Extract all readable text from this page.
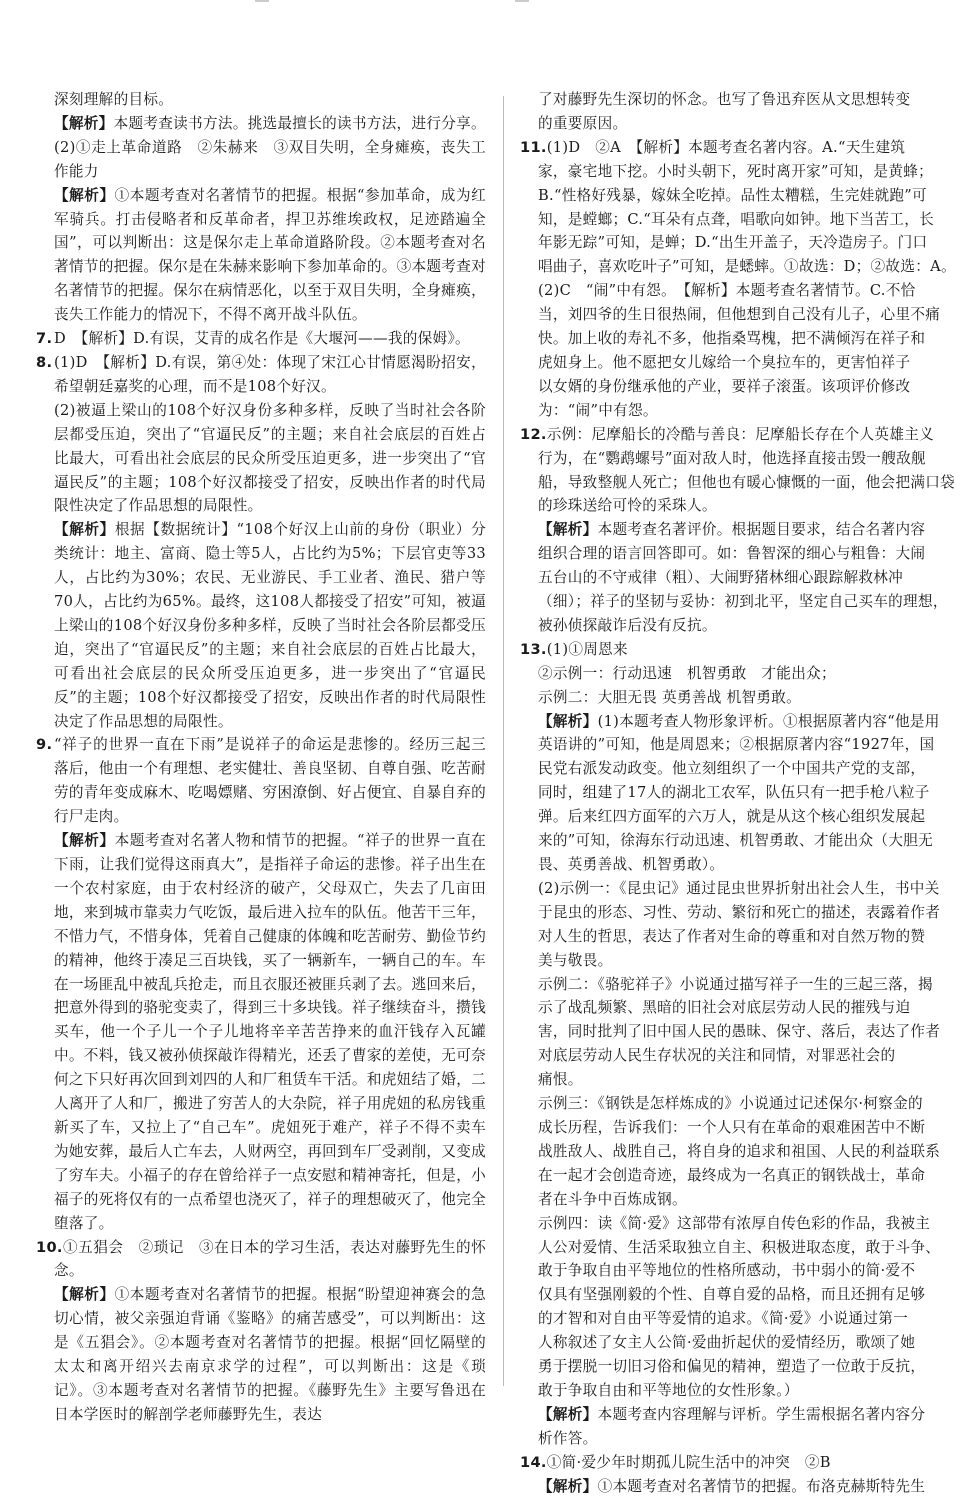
深刻理解的目标。

【解析】本题考查读书方法。挑选最擅长的读书方法，进行分享。

(2)①走上革命道路　②朱赫来　③双目失明，全身瘫痪，丧失工作能力

【解析】①本题考查对名著情节的把握。根据“参加革命，成为红军骑兵。打击侵略者和反革命者，捍卫苏维埃政权，足迹踏遍全国”，可以判断出：这是保尔走上革命道路阶段。②本题考查对名著情节的把握。保尔是在朱赫来影响下参加革命的。③本题考查对名著情节的把握。保尔在病情恶化，以至于双目失明，全身瘫痪，丧失工作能力的情况下，不得不离开战斗队伍。

7. D　【解析】D.有误，艾青的成名作是《大堰河——我的保姆》。

8. (1)D　【解析】D.有误，第④处：体现了宋江心甘情愿渴盼招安，希望朝廷嘉奖的心理，而不是108个好汉。

(2)被逼上梁山的108个好汉身份多种多样，反映了当时社会各阶层都受压迫，突出了“官逼民反”的主题；来自社会底层的百姓占比最大，可看出社会底层的民众所受压迫更多，进一步突出了“官逼民反”的主题；108个好汉都接受了招安，反映出作者的时代局限性决定了作品思想的局限性。

【解析】根据【数据统计】“108个好汉上山前的身份（职业）分类统计：地主、富商、隐士等5人，占比约为5%；下层官吏等33人，占比约为30%；农民、无业游民、手工业者、渔民、猎户等70人，占比约为65%。最终，这108人都接受了招安”可知，被逼上梁山的108个好汉身份多种多样，反映了当时社会各阶层都受压迫，突出了“官逼民反”的主题；来自社会底层的百姓占比最大，可看出社会底层的民众所受压迫更多，进一步突出了“官逼民反”的主题；108个好汉都接受了招安，反映出作者的时代局限性决定了作品思想的局限性。

9. “祥子的世界一直在下雨”是说祥子的命运是悲惨的。经历三起三落后，他由一个有理想、老实健壮、善良坚韧、自尊自强、吃苦耐劳的青年变成麻木、吃喝嫖赌、穷困潦倒、好占便宜、自暴自弃的行尸走肉。

【解析】本题考查对名著人物和情节的把握。“祥子的世界一直在下雨，让我们觉得这雨真大”，是指祥子命运的悲惨。祥子出生在一个农村家庭，由于农村经济的破产，父母双亡，失去了几亩田地，来到城市靠卖力气吃饭，最后进入拉车的队伍。他苦干三年，不惜力气，不惜身体，凭着自己健康的体魄和吃苦耐劳、勤俭节约的精神，他终于凑足三百块钱，买了一辆新车，一辆自己的车。车在一场匪乱中被乱兵抢走，而且衣服还被匪兵剥了去。逃回来后，把意外得到的骆驼变卖了，得到三十多块钱。祥子继续奋斗，攒钱买车，他一个子儿一个子儿地将辛辛苦苦挣来的血汗钱存入瓦罐中。不料，钱又被孙侦探敲诈得精光，还丢了曹家的差使，无可奈何之下只好再次回到刘四的人和厂租赁车干活。和虎妞结了婚，二人离开了人和厂，搬进了穷苦人的大杂院，祥子用虎妞的私房钱重新买了车，又拉上了“自己车”。虎妞死于难产，祥子不得不卖车为她安葬，最后人亡车去，人财两空，再回到车厂受剥削，又变成了穷车夫。小福子的存在曾给祥子一点安慰和精神寄托，但是，小福子的死将仅有的一点希望也浇灭了，祥子的理想破灭了，他完全堕落了。

10.①五猖会　②琐记　③在日本的学习生活，表达对藤野先生的怀念。

【解析】①本题考查对名著情节的把握。根据“盼望迎神赛会的急切心情，被父亲强迫背诵《鉴略》的痛苦感受”，可以判断出：这是《五猖会》。②本题考查对名著情节的把握。根据“回忆隔壁的太太和离开绍兴去南京求学的过程”，可以判断出：这是《琐记》。③本题考查对名著情节的把握。《藤野先生》主要写鲁迅在日本学医时的解剖学老师藤野先生，表达

了对藤野先生深切的怀念。也写了鲁迅弃医从文思想转变

的重要原因。

11.(1)D　②A　【解析】本题考查名著内容。A.“天生建筑

家，豪宅地下挖。小时头朝下，死时离开家”可知，是黄蜂；

B.“性格好残暴，嫁妹全吃掉。品性太糟糕，生完娃就跑”可

知，是螳螂；C.“耳朵有点聋，唱歌向如钟。地下当苦工，长

年影无踪”可知，是蝉；D.“出生开盖子，天冷造房子。门口

唱曲子，喜欢吃叶子”可知，是蟋蟀。①故选：D；②故选：A。

(2)C　“闹”中有怨。　【解析】本题考查名著情节。C.不恰

当，刘四爷的生日很热闹，但他想到自己没有儿子，心里不痛

快。加上收的寿礼不多，他指桑骂槐，把不满倾泻在祥子和

虎妞身上。他不愿把女儿嫁给一个臭拉车的，更害怕祥子

以女婿的身份继承他的产业，要祥子滚蛋。该项评价修改

为：“闹”中有怨。

12.示例：尼摩船长的冷酷与善良：尼摩船长存在个人英雄主义

行为，在“鹦鹉螺号”面对敌人时，他选择直接击毁一艘敌舰

船，导致整舰人死亡；但他也有暖心慷慨的一面，他会把满口袋

的珍珠送给可怜的采珠人。

【解析】本题考查名著评价。根据题目要求，结合名著内容

组织合理的语言回答即可。如：鲁智深的细心与粗鲁：大闹

五台山的不守戒律（粗）、大闹野猪林细心跟踪解救林冲

（细）；祥子的坚韧与妥协：初到北平，坚定自己买车的理想，

被孙侦探敲诈后没有反抗。

13.(1)①周恩来

②示例一：行动迅速　机智勇敢　才能出众；

示例二：大胆无畏 英勇善战 机智勇敢。

【解析】(1)本题考查人物形象评析。①根据原著内容“他是用

英语讲的”可知，他是周恩来；②根据原著内容“1927年，国

民党右派发动政变。他立刻组织了一个中国共产党的支部，

同时，组建了17人的湖北工农军，队伍只有一把手枪八粒子

弹。后来红四方面军的六万人，就是从这个核心组织发展起

来的”可知，徐海东行动迅速、机智勇敢、才能出众（大胆无

畏、英勇善战、机智勇敢）。

(2)示例一：《昆虫记》通过昆虫世界折射出社会人生，书中关

于昆虫的形态、习性、劳动、繁衍和死亡的描述，表露着作者

对人生的哲思，表达了作者对生命的尊重和对自然万物的赞

美与敬畏。

示例二：《骆驼祥子》小说通过描写祥子一生的三起三落，揭

示了战乱频繁、黑暗的旧社会对底层劳动人民的摧残与迫

害，同时批判了旧中国人民的愚昧、保守、落后，表达了作者

对底层劳动人民生存状况的关注和同情，对罪恶社会的

痛恨。

示例三：《钢铁是怎样炼成的》小说通过记述保尔·柯察金的

成长历程，告诉我们：一个人只有在革命的艰难困苦中不断

战胜敌人、战胜自己，将自身的追求和祖国、人民的利益联系

在一起才会创造奇迹，最终成为一名真正的钢铁战士，革命

者在斗争中百炼成钢。

示例四：读《简·爱》这部带有浓厚自传色彩的作品，我被主

人公对爱情、生活采取独立自主、积极进取态度，敢于斗争、

敢于争取自由平等地位的性格所感动，书中弱小的简·爱不

仅具有坚强刚毅的个性、自尊自爱的品格，而且还拥有足够

的才智和对自由平等爱情的追求。《简·爱》小说通过第一

人称叙述了女主人公简·爱曲折起伏的爱情经历，歌颂了她

勇于摆脱一切旧习俗和偏见的精神，塑造了一位敢于反抗，

敢于争取自由和平等地位的女性形象。）

【解析】本题考查内容理解与评析。学生需根据名著内容分

析作答。

14.①简·爱少年时期孤儿院生活中的冲突　②B

【解析】①本题考查对名著情节的把握。布洛克赫斯特先生
